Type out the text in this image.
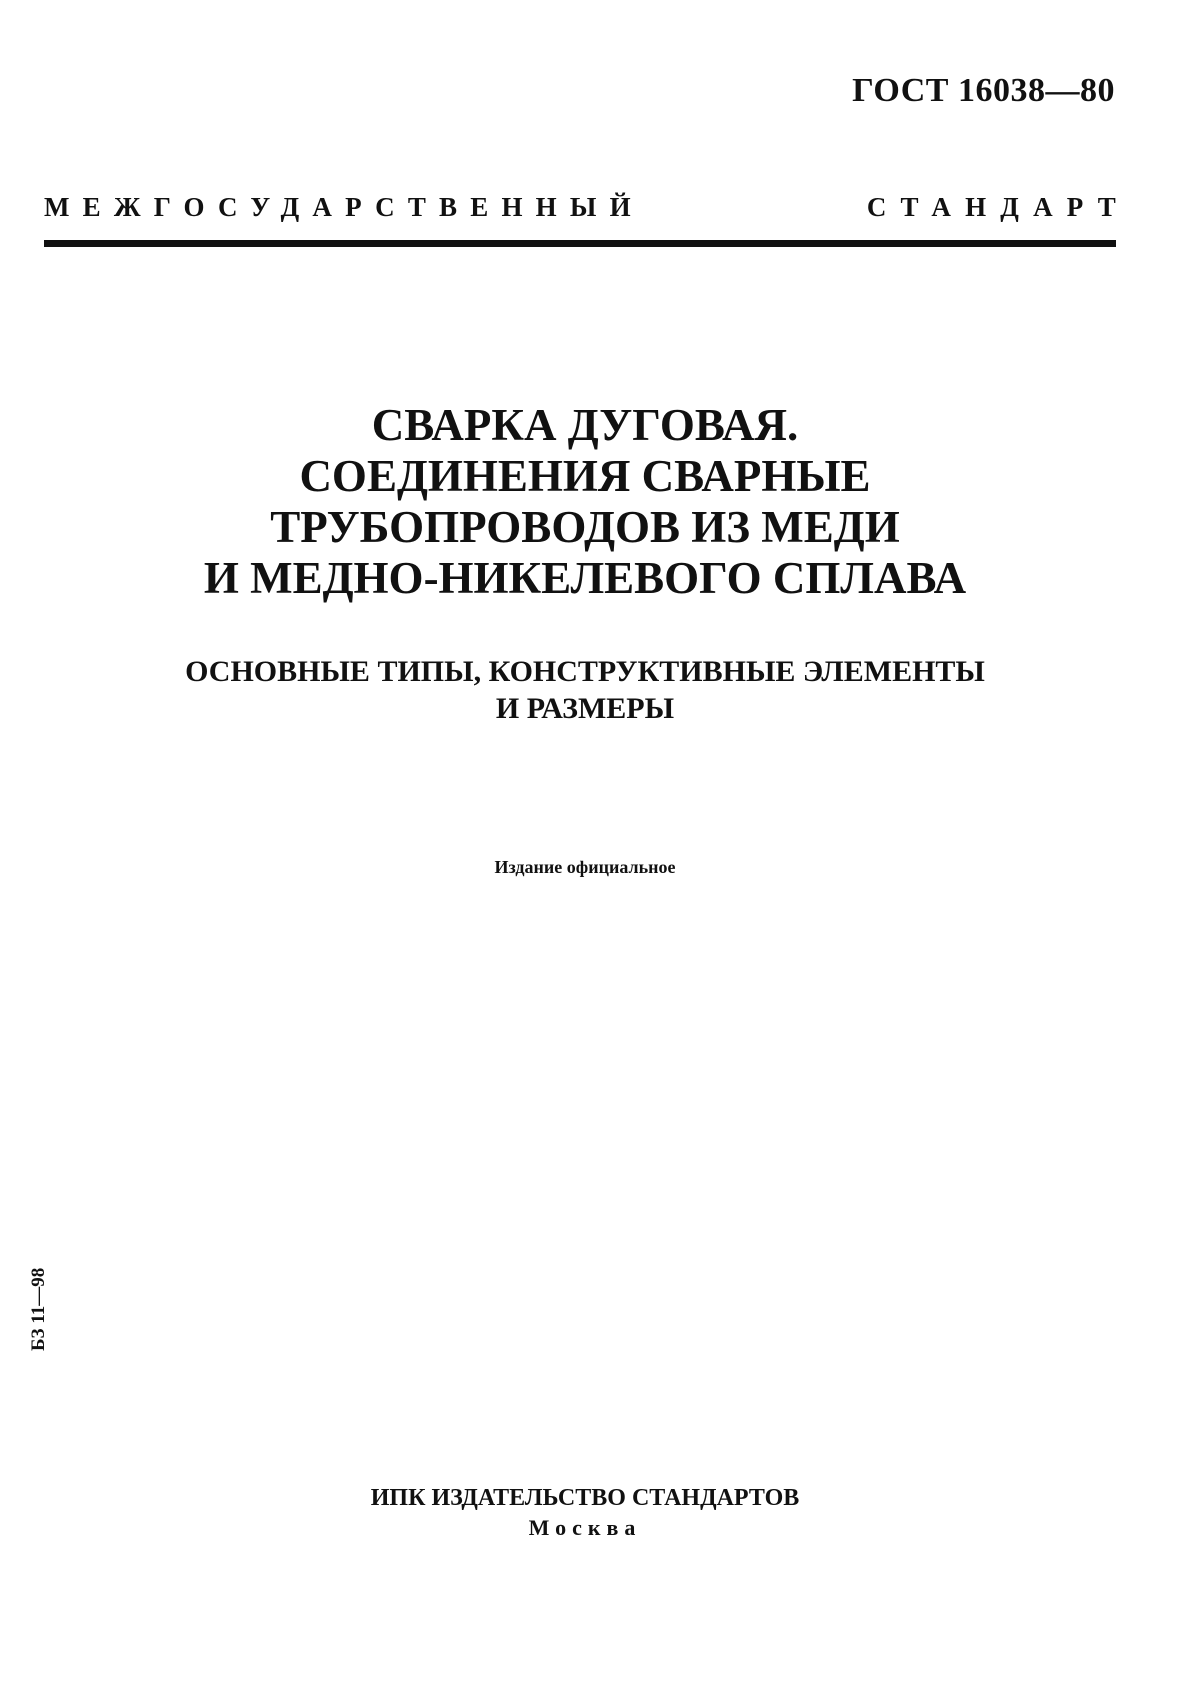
ГОСТ 16038—80
МЕЖГОСУДАРСТВЕННЫЙ	СТАНДАРТ
СВАРКА ДУГОВАЯ.
СОЕДИНЕНИЯ СВАРНЫЕ
ТРУБОПРОВОДОВ ИЗ МЕДИ
И МЕДНО-НИКЕЛЕВОГО СПЛАВА
ОСНОВНЫЕ ТИПЫ, КОНСТРУКТИВНЫЕ ЭЛЕМЕНТЫ
И РАЗМЕРЫ
Издание официальное
БЗ 11—98
ИПК ИЗДАТЕЛЬСТВО СТАНДАРТОВ
Москва
